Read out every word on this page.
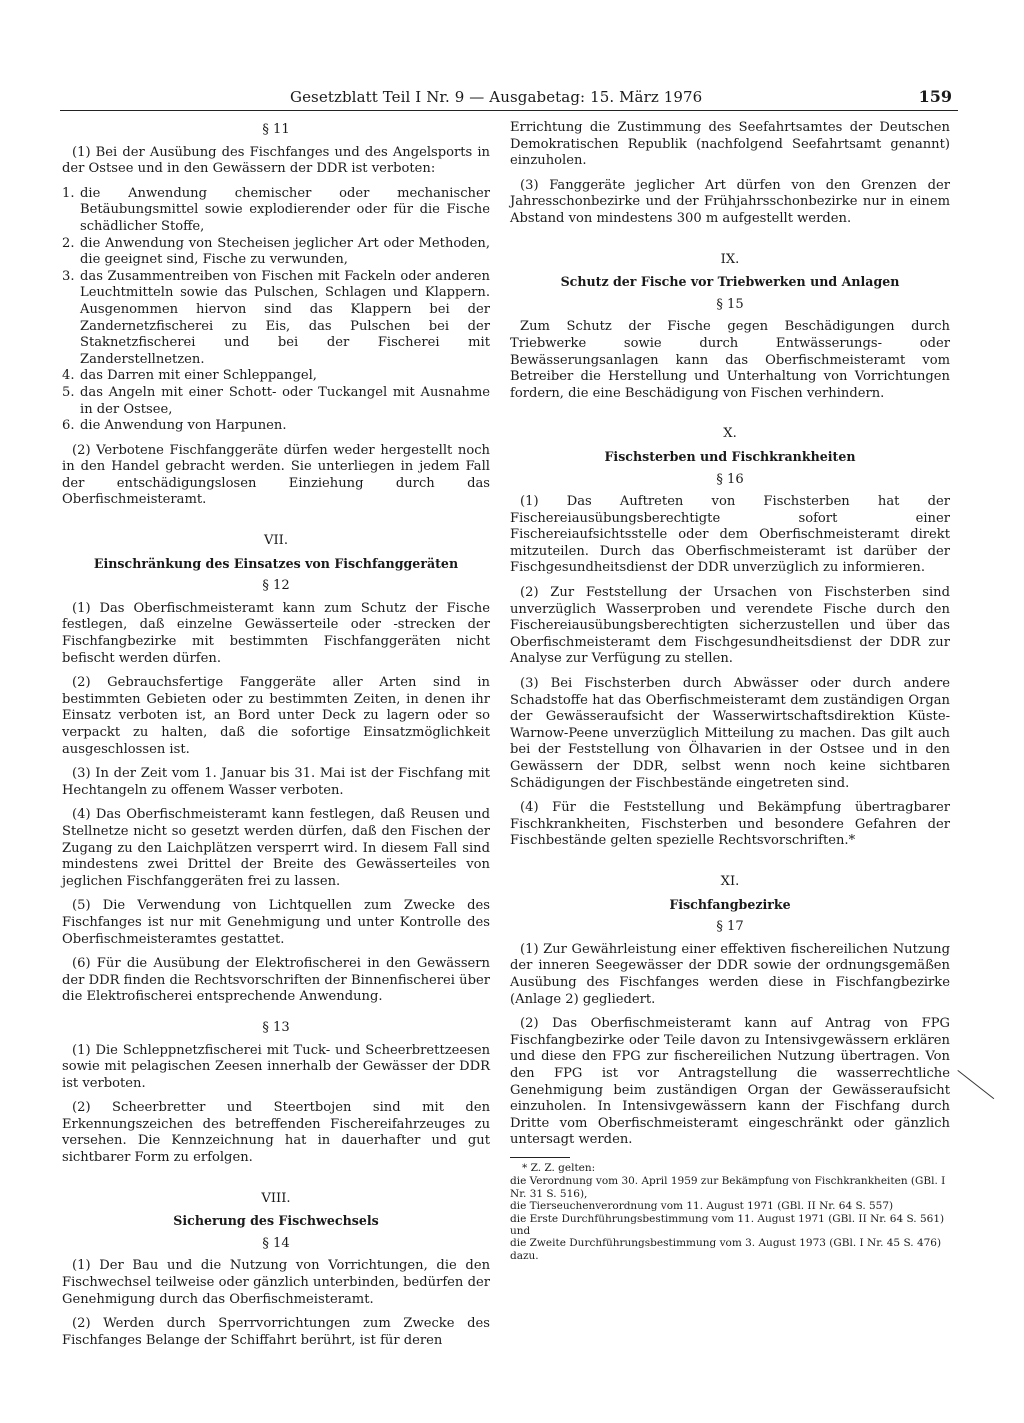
Gesetzblatt Teil I Nr. 9 — Ausgabetag: 15. März 1976	159
§ 11

(1) Bei der Ausübung des Fischfanges und des Angelsports in der Ostsee und in den Gewässern der DDR ist verboten:

1. die Anwendung chemischer oder mechanischer Betäubungsmittel sowie explodierender oder für die Fische schädlicher Stoffe,
2. die Anwendung von Stecheisen jeglicher Art oder Methoden, die geeignet sind, Fische zu verwunden,
3. das Zusammentreiben von Fischen mit Fackeln oder anderen Leuchtmitteln sowie das Pulschen, Schlagen und Klappern. Ausgenommen hiervon sind das Klappern bei der Zandernetzfischerei zu Eis, das Pulschen bei der Staknetzfischerei und bei der Fischerei mit Zanderstellnetzen.
4. das Darren mit einer Schleppangel,
5. das Angeln mit einer Schott- oder Tuckangel mit Ausnahme in der Ostsee,
6. die Anwendung von Harpunen.

(2) Verbotene Fischfanggeräte dürfen weder hergestellt noch in den Handel gebracht werden. Sie unterliegen in jedem Fall der entschädigungslosen Einziehung durch das Oberfischmeisteramt.

VII.
Einschränkung des Einsatzes von Fischfanggeräten
§ 12

(1) Das Oberfischmeisteramt kann zum Schutz der Fische festlegen, daß einzelne Gewässerteile oder -strecken der Fischfangbezirke mit bestimmten Fischfanggeräten nicht befischt werden dürfen.

(2) Gebrauchsfertige Fanggeräte aller Arten sind in bestimmten Gebieten oder zu bestimmten Zeiten, in denen ihr Einsatz verboten ist, an Bord unter Deck zu lagern oder so verpackt zu halten, daß die sofortige Einsatzmöglichkeit ausgeschlossen ist.

(3) In der Zeit vom 1. Januar bis 31. Mai ist der Fischfang mit Hechtangeln zu offenem Wasser verboten.

(4) Das Oberfischmeisteramt kann festlegen, daß Reusen und Stellnetze nicht so gesetzt werden dürfen, daß den Fischen der Zugang zu den Laichplätzen versperrt wird. In diesem Fall sind mindestens zwei Drittel der Breite des Gewässerteiles von jeglichen Fischfanggeräten frei zu lassen.

(5) Die Verwendung von Lichtquellen zum Zwecke des Fischfanges ist nur mit Genehmigung und unter Kontrolle des Oberfischmeisteramtes gestattet.

(6) Für die Ausübung der Elektrofischerei in den Gewässern der DDR finden die Rechtsvorschriften der Binnenfischerei über die Elektrofischerei entsprechende Anwendung.

§ 13

(1) Die Schleppnetzfischerei mit Tuck- und Scheerbrettzeesen sowie mit pelagischen Zeesen innerhalb der Gewässer der DDR ist verboten.

(2) Scheerbretter und Steertbojen sind mit den Erkennungszeichen des betreffenden Fischereifahrzeuges zu versehen. Die Kennzeichnung hat in dauerhafter und gut sichtbarer Form zu erfolgen.

VIII.
Sicherung des Fischwechsels
§ 14

(1) Der Bau und die Nutzung von Vorrichtungen, die den Fischwechsel teilweise oder gänzlich unterbinden, bedürfen der Genehmigung durch das Oberfischmeisteramt.

(2) Werden durch Sperrvorrichtungen zum Zwecke des Fischfanges Belange der Schiffahrt berührt, ist für deren

Errichtung die Zustimmung des Seefahrtsamtes der Deutschen Demokratischen Republik (nachfolgend Seefahrtsamt genannt) einzuholen.

(3) Fanggeräte jeglicher Art dürfen von den Grenzen der Jahresschonbezirke und der Frühjahrsschonbezirke nur in einem Abstand von mindestens 300 m aufgestellt werden.

IX.
Schutz der Fische vor Triebwerken und Anlagen
§ 15

Zum Schutz der Fische gegen Beschädigungen durch Triebwerke sowie durch Entwässerungs- oder Bewässerungsanlagen kann das Oberfischmeisteramt vom Betreiber die Herstellung und Unterhaltung von Vorrichtungen fordern, die eine Beschädigung von Fischen verhindern.

X.
Fischsterben und Fischkrankheiten
§ 16

(1) Das Auftreten von Fischsterben hat der Fischereiausübungsberechtigte sofort einer Fischereiaufsichtsstelle oder dem Oberfischmeisteramt direkt mitzuteilen. Durch das Oberfischmeisteramt ist darüber der Fischgesundheitsdienst der DDR unverzüglich zu informieren.

(2) Zur Feststellung der Ursachen von Fischsterben sind unverzüglich Wasserproben und verendete Fische durch den Fischereiausübungsberechtigten sicherzustellen und über das Oberfischmeisteramt dem Fischgesundheitsdienst der DDR zur Analyse zur Verfügung zu stellen.

(3) Bei Fischsterben durch Abwässer oder durch andere Schadstoffe hat das Oberfischmeisteramt dem zuständigen Organ der Gewässeraufsicht der Wasserwirtschaftsdirektion Küste-Warnow-Peene unverzüglich Mitteilung zu machen. Das gilt auch bei der Feststellung von Ölhavarien in der Ostsee und in den Gewässern der DDR, selbst wenn noch keine sichtbaren Schädigungen der Fischbestände eingetreten sind.

(4) Für die Feststellung und Bekämpfung übertragbarer Fischkrankheiten, Fischsterben und besondere Gefahren der Fischbestände gelten spezielle Rechtsvorschriften.*

XI.
Fischfangbezirke
§ 17

(1) Zur Gewährleistung einer effektiven fischereilichen Nutzung der inneren Seegewässer der DDR sowie der ordnungsgemäßen Ausübung des Fischfanges werden diese in Fischfangbezirke (Anlage 2) gegliedert.

(2) Das Oberfischmeisteramt kann auf Antrag von FPG Fischfangbezirke oder Teile davon zu Intensivgewässern erklären und diese den FPG zur fischereilichen Nutzung übertragen. Von den FPG ist vor Antragstellung die wasserrechtliche Genehmigung beim zuständigen Organ der Gewässeraufsicht einzuholen. In Intensivgewässern kann der Fischfang durch Dritte vom Oberfischmeisteramt eingeschränkt oder gänzlich untersagt werden.

* Z. Z. gelten:

die Verordnung vom 30. April 1959 zur Bekämpfung von Fischkrankheiten (GBl. I Nr. 31 S. 516),

die Tierseuchenverordnung vom 11. August 1971 (GBl. II Nr. 64 S. 557)

die Erste Durchführungsbestimmung vom 11. August 1971 (GBl. II Nr. 64 S. 561) und

die Zweite Durchführungsbestimmung vom 3. August 1973 (GBl. I Nr. 45 S. 476) dazu.
